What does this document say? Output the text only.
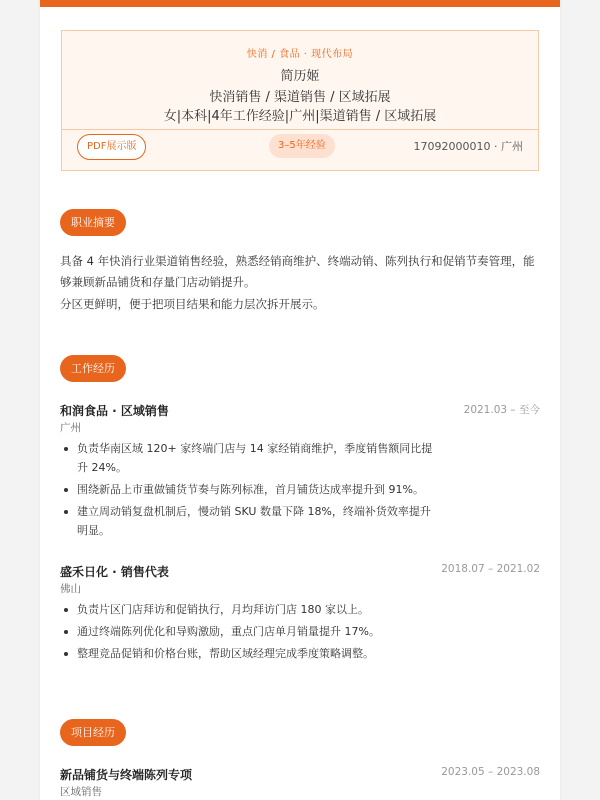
快消 / 食品 · 现代布局
简历姬
快消销售 / 渠道销售 / 区域拓展
女|本科|4年工作经验|广州|渠道销售 / 区域拓展
PDF展示版	3–5年经验	17092000010 · 广州
职业摘要
具备 4 年快消行业渠道销售经验，熟悉经销商维护、终端动销、陈列执行和促销节奏管理，能够兼顾新品铺货和存量门店动销提升。
分区更鲜明，便于把项目结果和能力层次拆开展示。
工作经历
和润食品 · 区域销售	2021.03 – 至今
广州
负责华南区域 120+ 家终端门店与 14 家经销商维护，季度销售额同比提升 24%。
围绕新品上市重做铺货节奏与陈列标准，首月铺货达成率提升到 91%。
建立周动销复盘机制后，慢动销 SKU 数量下降 18%，终端补货效率提升明显。
盛禾日化 · 销售代表	2018.07 – 2021.02
佛山
负责片区门店拜访和促销执行，月均拜访门店 180 家以上。
通过终端陈列优化和导购激励，重点门店单月销量提升 17%。
整理竞品促销和价格台账，帮助区域经理完成季度策略调整。
项目经历
新品铺货与终端陈列专项	2023.05 – 2023.08
区域销售
